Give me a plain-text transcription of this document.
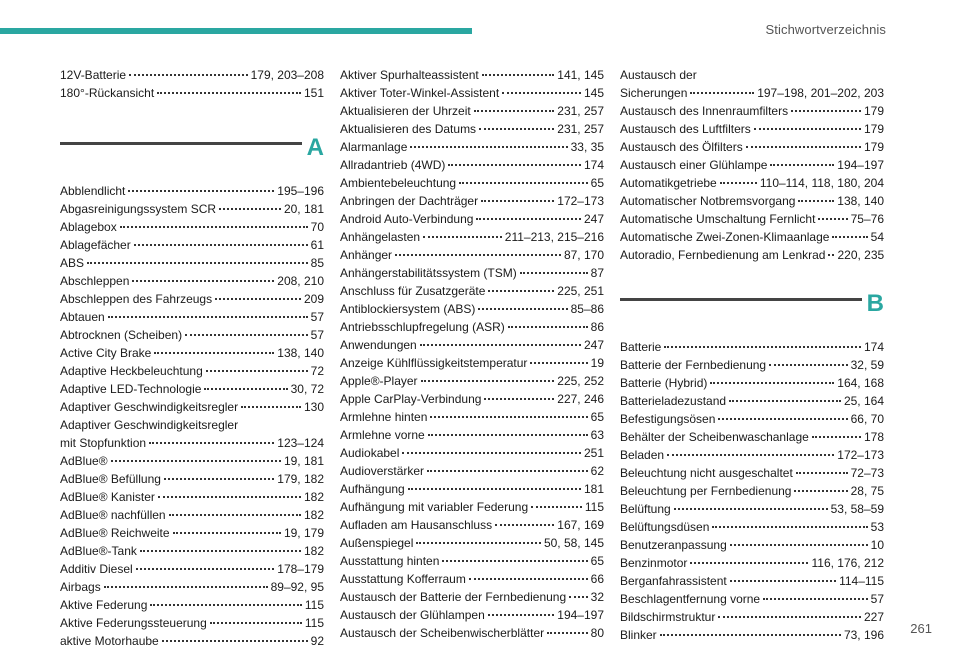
Stichwortverzeichnis
12V-Batterie	179, 203–208
180°-Rückansicht	151
A
Abblendlicht	195–196
Abgasreinigungssystem SCR	20, 181
Ablagebox	70
Ablagefächer	61
ABS	85
Abschleppen	208, 210
Abschleppen des Fahrzeugs	209
Abtauen	57
Abtrocknen (Scheiben)	57
Active City Brake	138, 140
Adaptive Heckbeleuchtung	72
Adaptive LED-Technologie	30, 72
Adaptiver Geschwindigkeitsregler	130
Adaptiver Geschwindigkeitsregler
mit Stopfunktion	123–124
AdBlue®	19, 181
AdBlue® Befüllung	179, 182
AdBlue® Kanister	182
AdBlue® nachfüllen	182
AdBlue® Reichweite	19, 179
AdBlue®-Tank	182
Additiv Diesel	178–179
Airbags	89–92, 95
Aktive Federung	115
Aktive Federungssteuerung	115
aktive Motorhaube	92
Aktiver Spurhalteassistent	141, 145
Aktiver Toter-Winkel-Assistent	145
Aktualisieren der Uhrzeit	231, 257
Aktualisieren des Datums	231, 257
Alarmanlage	33, 35
Allradantrieb (4WD)	174
Ambientebeleuchtung	65
Anbringen der Dachträger	172–173
Android Auto-Verbindung	247
Anhängelasten	211–213, 215–216
Anhänger	87, 170
Anhängerstabilitätssystem (TSM)	87
Anschluss für Zusatzgeräte	225, 251
Antiblockiersystem (ABS)	85–86
Antriebsschlupfregelung (ASR)	86
Anwendungen	247
Anzeige Kühlflüssigkeitstemperatur	19
Apple®-Player	225, 252
Apple CarPlay-Verbindung	227, 246
Armlehne hinten	65
Armlehne vorne	63
Audiokabel	251
Audioverstärker	62
Aufhängung	181
Aufhängung mit variabler Federung	115
Aufladen am Hausanschluss	167, 169
Außenspiegel	50, 58, 145
Ausstattung hinten	65
Ausstattung Kofferraum	66
Austausch der Batterie der Fernbedienung 32
Austausch der Glühlampen	194–197
Austausch der Scheibenwischerblätter	80
Austausch der
Sicherungen	197–198, 201–202, 203
Austausch des Innenraumfilters	179
Austausch des Luftfilters	179
Austausch des Ölfilters	179
Austausch einer Glühlampe	194–197
Automatikgetriebe	110–114, 118, 180, 204
Automatischer Notbremsvorgang	138, 140
Automatische Umschaltung Fernlicht	75–76
Automatische Zwei-Zonen-Klimaanlage	54
Autoradio, Fernbedienung am Lenkrad 220, 235
B
Batterie	174
Batterie der Fernbedienung	32, 59
Batterie (Hybrid)	164, 168
Batterieladezustand	25, 164
Befestigungsösen	66, 70
Behälter der Scheibenwaschanlage	178
Beladen	172–173
Beleuchtung nicht ausgeschaltet	72–73
Beleuchtung per Fernbedienung	28, 75
Belüftung	53, 58–59
Belüftungsdüsen	53
Benutzeranpassung	10
Benzinmotor	116, 176, 212
Berganfahrassistent	114–115
Beschlagentfernung vorne	57
Bildschirmstruktur	227
Blinker	73, 196 261
